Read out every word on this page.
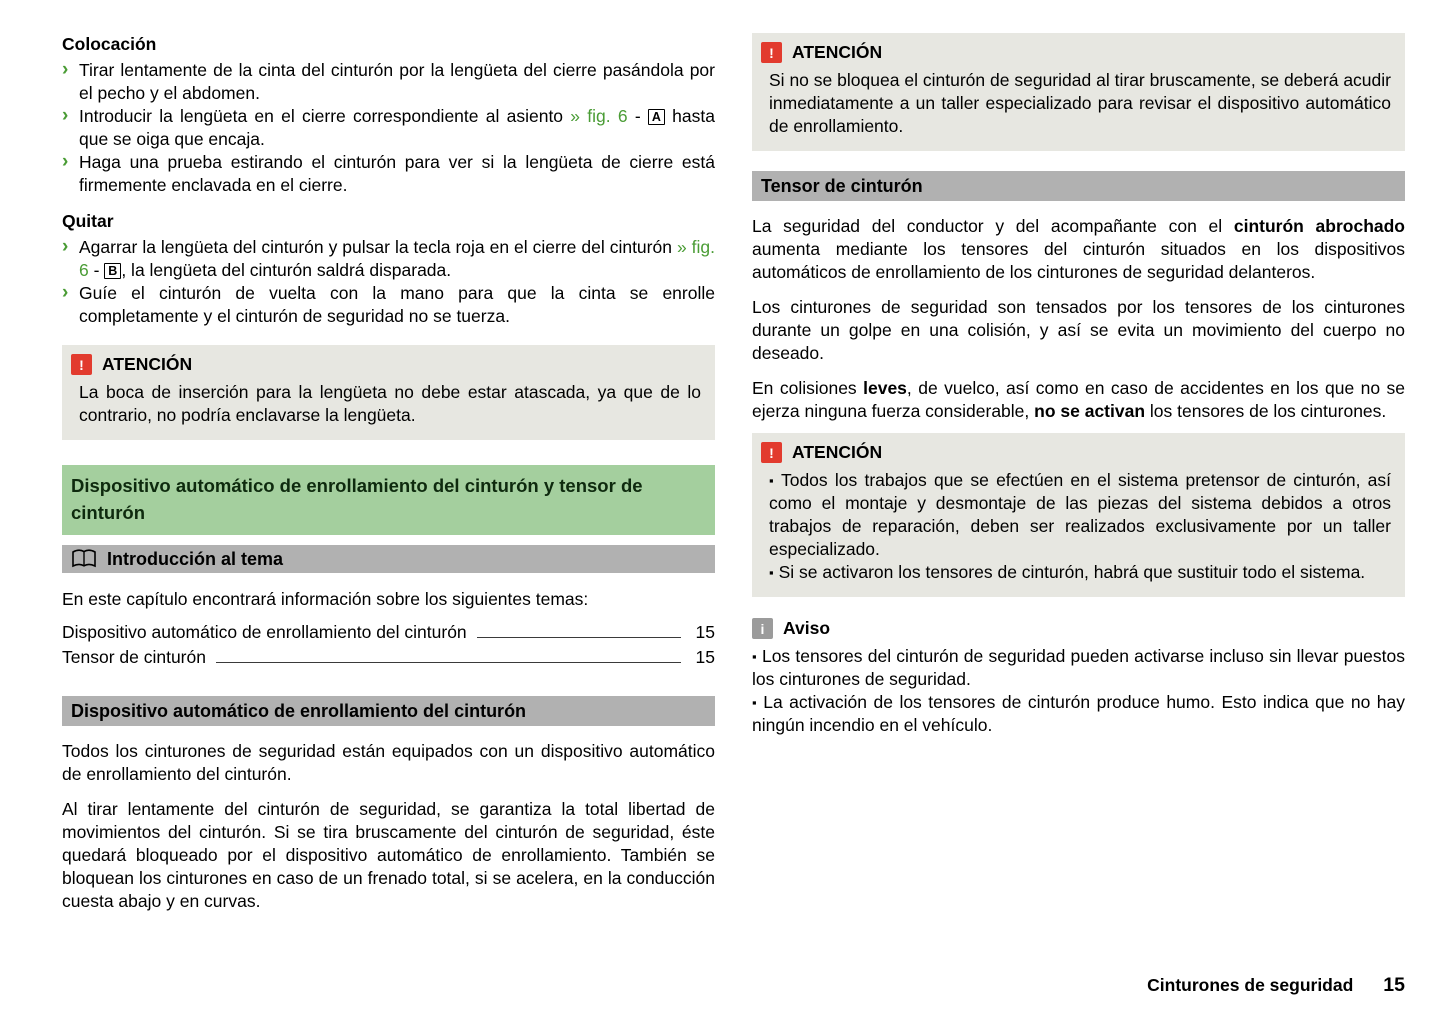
Colocación
› Tirar lentamente de la cinta del cinturón por la lengüeta del cierre pasándola por el pecho y el abdomen.
› Introducir la lengüeta en el cierre correspondiente al asiento » fig. 6 - A hasta que se oiga que encaja.
› Haga una prueba estirando el cinturón para ver si la lengüeta de cierre está firmemente enclavada en el cierre.
Quitar
› Agarrar la lengüeta del cinturón y pulsar la tecla roja en el cierre del cinturón » fig. 6 - B , la lengüeta del cinturón saldrá disparada.
› Guíe el cinturón de vuelta con la mano para que la cinta se enrolle completamente y el cinturón de seguridad no se tuerza.
!	ATENCIÓN
La boca de inserción para la lengüeta no debe estar atascada, ya que de lo contrario, no podría enclavarse la lengüeta.
Dispositivo automático de enrollamiento del cinturón y tensor de cinturón
Introducción al tema
En este capítulo encontrará información sobre los siguientes temas:
Dispositivo automático de enrollamiento del cinturón	15
Tensor de cinturón	15
Dispositivo automático de enrollamiento del cinturón
Todos los cinturones de seguridad están equipados con un dispositivo automático de enrollamiento del cinturón.
Al tirar lentamente del cinturón de seguridad, se garantiza la total libertad de movimientos del cinturón. Si se tira bruscamente del cinturón de seguridad, éste quedará bloqueado por el dispositivo automático de enrollamiento. También se bloquean los cinturones en caso de un frenado total, si se acelera, en la conducción cuesta abajo y en curvas.
!	ATENCIÓN
Si no se bloquea el cinturón de seguridad al tirar bruscamente, se deberá acudir inmediatamente a un taller especializado para revisar el dispositivo automático de enrollamiento.
Tensor de cinturón
La seguridad del conductor y del acompañante con el cinturón abrochado aumenta mediante los tensores del cinturón situados en los dispositivos automáticos de enrollamiento de los cinturones de seguridad delanteros.
Los cinturones de seguridad son tensados por los tensores de los cinturones durante un golpe en una colisión, y así se evita un movimiento del cuerpo no deseado.
En colisiones leves, de vuelco, así como en caso de accidentes en los que no se ejerza ninguna fuerza considerable, no se activan los tensores de los cinturones.
!	ATENCIÓN
▪ Todos los trabajos que se efectúen en el sistema pretensor de cinturón, así como el montaje y desmontaje de las piezas del sistema debidos a otros trabajos de reparación, deben ser realizados exclusivamente por un taller especializado.
▪ Si se activaron los tensores de cinturón, habrá que sustituir todo el sistema.
i	Aviso
▪ Los tensores del cinturón de seguridad pueden activarse incluso sin llevar puestos los cinturones de seguridad.
▪ La activación de los tensores de cinturón produce humo. Esto indica que no hay ningún incendio en el vehículo.
Cinturones de seguridad 15
